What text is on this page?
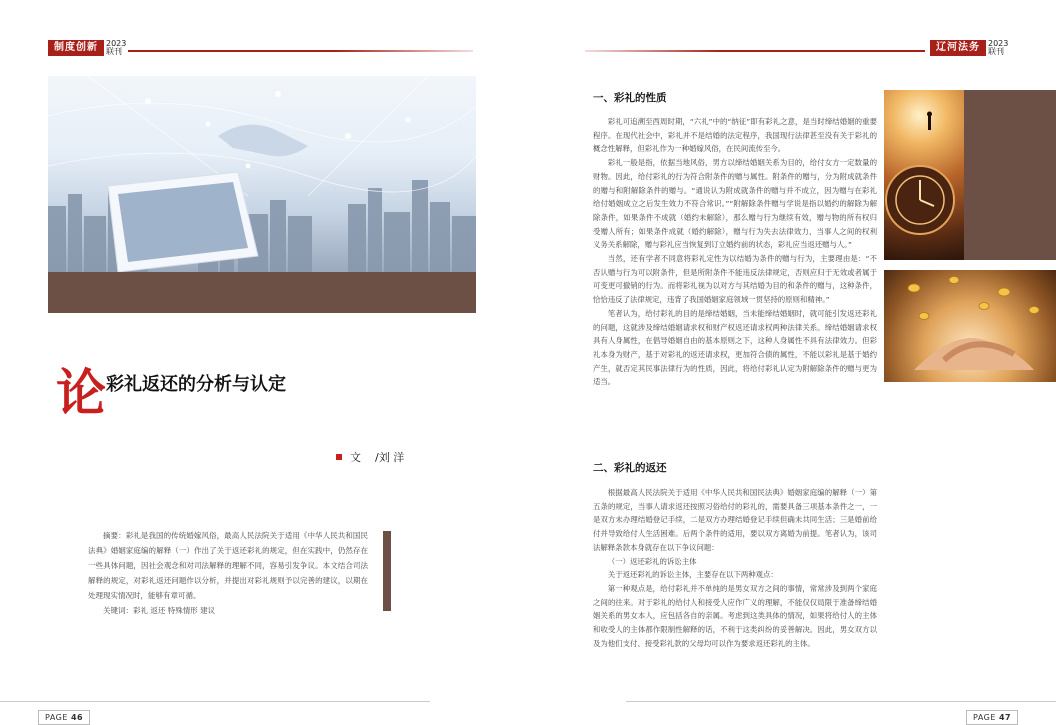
制度创新	2023
联刊
论 彩礼返还的分析与认定
文 /刘 洋

摘要：彩礼是我国的传统婚嫁风俗，最高人民法院关于适用《中华人民共和国民法典》婚姻家庭编的解释（一）作出了关于返还彩礼的规定，但在实践中，仍然存在一些具体问题，因社会观念和对司法解释的理解不同，容易引发争议。本文结合司法解释的规定，对彩礼返还问题作以分析，并提出对彩礼规则予以完善的建议，以期在处理现实情况时，能够有章可循。

关键词：彩礼 返还 特殊情形 建议

PAGE 46
辽河法务	2023
联刊
一、彩礼的性质

彩礼可追溯至西周时期，“六礼”中的“纳征”即有彩礼之意，是当时缔结婚姻的重要程序。在现代社会中，彩礼并不是结婚的法定程序，我国现行法律甚至没有关于彩礼的概念性解释，但彩礼作为一种婚嫁风俗，在民间流传至今。

彩礼一般是指，依据当地风俗，男方以缔结婚姻关系为目的，给付女方一定数量的财物。因此，给付彩礼的行为符合附条件的赠与属性。附条件的赠与，分为附成就条件的赠与和附解除条件的赠与。“通说认为附成就条件的赠与并不成立，因为赠与在彩礼给付婚姻成立之后发生效力不符合常识。”“附解除条件赠与学说是指以婚约的解除为解除条件，如果条件不成就（婚约未解除），那么赠与行为继续有效，赠与物的所有权归受赠人所有；如果条件成就（婚约解除），赠与行为失去法律效力，当事人之间的权利义务关系解除，赠与彩礼应当恢复到订立婚约前的状态，彩礼应当返还赠与人。”

当然，还有学者不同意将彩礼定性为以结婚为条件的赠与行为，主要理由是：“不否认赠与行为可以附条件，但是所附条件不能违反法律规定，否则应归于无效或者属于可变更可撤销的行为。而将彩礼视为以对方与其结婚为目的和条件的赠与，这种条件，恰恰违反了法律规定，违背了我国婚姻家庭领域一贯坚持的原则和精神。”

笔者认为，给付彩礼的目的是缔结婚姻，当未能缔结婚姻时，就可能引发返还彩礼的问题，这就涉及缔结婚姻请求权和财产权返还请求权两种法律关系。缔结婚姻请求权具有人身属性，在倡导婚姻自由的基本原则之下，这种人身属性不具有法律效力。但彩礼本身为财产，基于对彩礼的返还请求权，更加符合债的属性，不能以彩礼是基于婚约产生，就否定其民事法律行为的性质，因此，将给付彩礼认定为附解除条件的赠与更为适当。

二、彩礼的返还

根据最高人民法院关于适用《中华人民共和国民法典》婚姻家庭编的解释（一）第五条的规定，当事人请求返还按照习俗给付的彩礼的，需要具备三项基本条件之一，一是双方未办理结婚登记手续，二是双方办理结婚登记手续但确未共同生活；三是婚前给付并导致给付人生活困难。后两个条件的适用，要以双方离婚为前提。笔者认为，该司法解释条款本身就存在以下争议问题：

（一）返还彩礼的诉讼主体

关于返还彩礼的诉讼主体，主要存在以下两种观点：

第一种观点是，给付彩礼并不单纯的是男女双方之间的事情，常常涉及到两个家庭之间的往来。对于彩礼的给付人和接受人应作广义的理解，不能仅仅局限于准备缔结婚姻关系的男女本人，应包括各自的亲属。考虑到这类具体的情况，如果将给付人的主体和收受人的主体都作限制性解释的话，不利于这类纠纷的妥善解决。因此，男女双方以及为他们支付、接受彩礼款的父母均可以作为要求返还彩礼的主体。

PAGE 47
